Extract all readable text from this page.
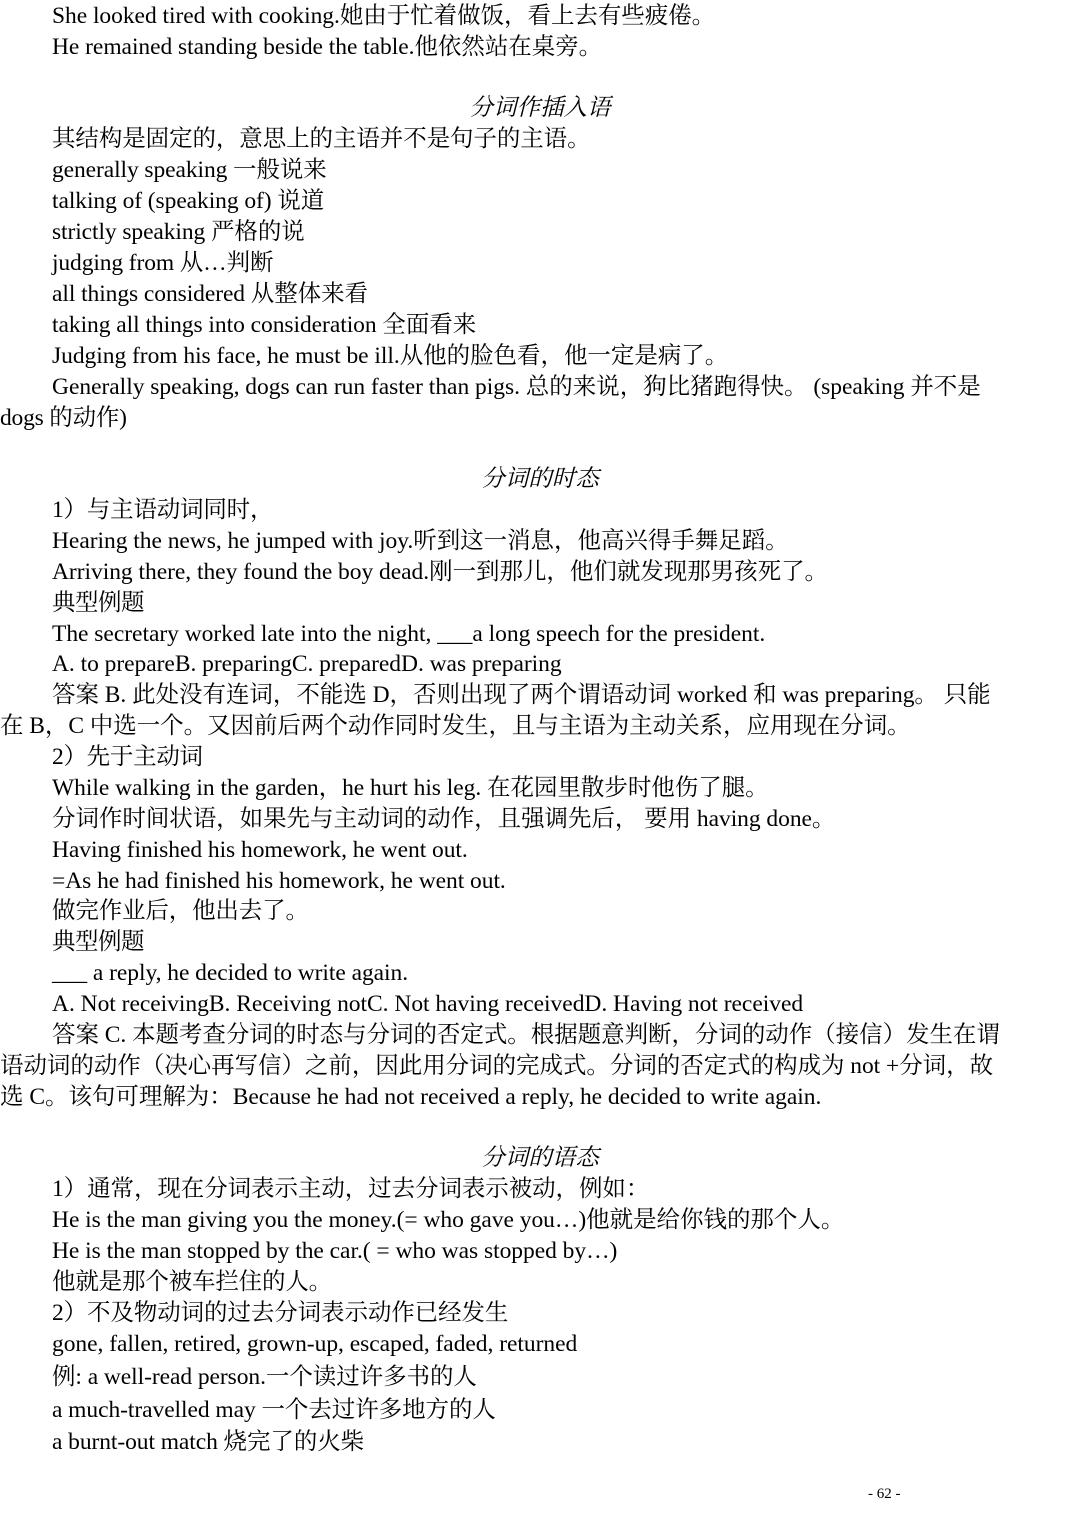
She looked tired with cooking.她由于忙着做饭，看上去有些疲倦。
He remained standing beside the table.他依然站在桌旁。
分词作插入语
其结构是固定的，意思上的主语并不是句子的主语。
generally speaking 一般说来
talking of (speaking of) 说道
strictly speaking 严格的说
judging from 从…判断
all things considered 从整体来看
taking all things into consideration 全面看来
Judging from his face, he must be ill.从他的脸色看，他一定是病了。
Generally speaking, dogs can run faster than pigs. 总的来说，狗比猪跑得快。 (speaking 并不是
dogs 的动作)
分词的时态
1）与主语动词同时，
Hearing the news, he jumped with joy.听到这一消息，他高兴得手舞足蹈。
Arriving there, they found the boy dead.刚一到那儿，他们就发现那男孩死了。
典型例题
The secretary worked late into the night, ___a long speech for the president.
A. to prepareB. preparingC. preparedD. was preparing
答案 B. 此处没有连词，不能选 D，否则出现了两个谓语动词 worked 和 was preparing。 只能
在 B，C 中选一个。又因前后两个动作同时发生，且与主语为主动关系，应用现在分词。
2）先于主动词
While walking in the garden，he hurt his leg. 在花园里散步时他伤了腿。
分词作时间状语，如果先与主动词的动作，且强调先后， 要用 having done。
Having finished his homework, he went out.
=As he had finished his homework, he went out.
做完作业后，他出去了。
典型例题
___ a reply, he decided to write again.
A. Not receivingB. Receiving notC. Not having receivedD. Having not received
答案 C. 本题考查分词的时态与分词的否定式。根据题意判断，分词的动作（接信）发生在谓
语动词的动作（决心再写信）之前，因此用分词的完成式。分词的否定式的构成为 not +分词，故
选 C。该句可理解为：Because he had not received a reply, he decided to write again.
分词的语态
1）通常，现在分词表示主动，过去分词表示被动，例如：
He is the man giving you the money.(= who gave you…)他就是给你钱的那个人。
He is the man stopped by the car.( = who was stopped by…)
他就是那个被车拦住的人。
2）不及物动词的过去分词表示动作已经发生
gone, fallen, retired, grown-up, escaped, faded, returned
例: a well-read person.一个读过许多书的人
a much-travelled may 一个去过许多地方的人
a burnt-out match 烧完了的火柴
- 62 -
